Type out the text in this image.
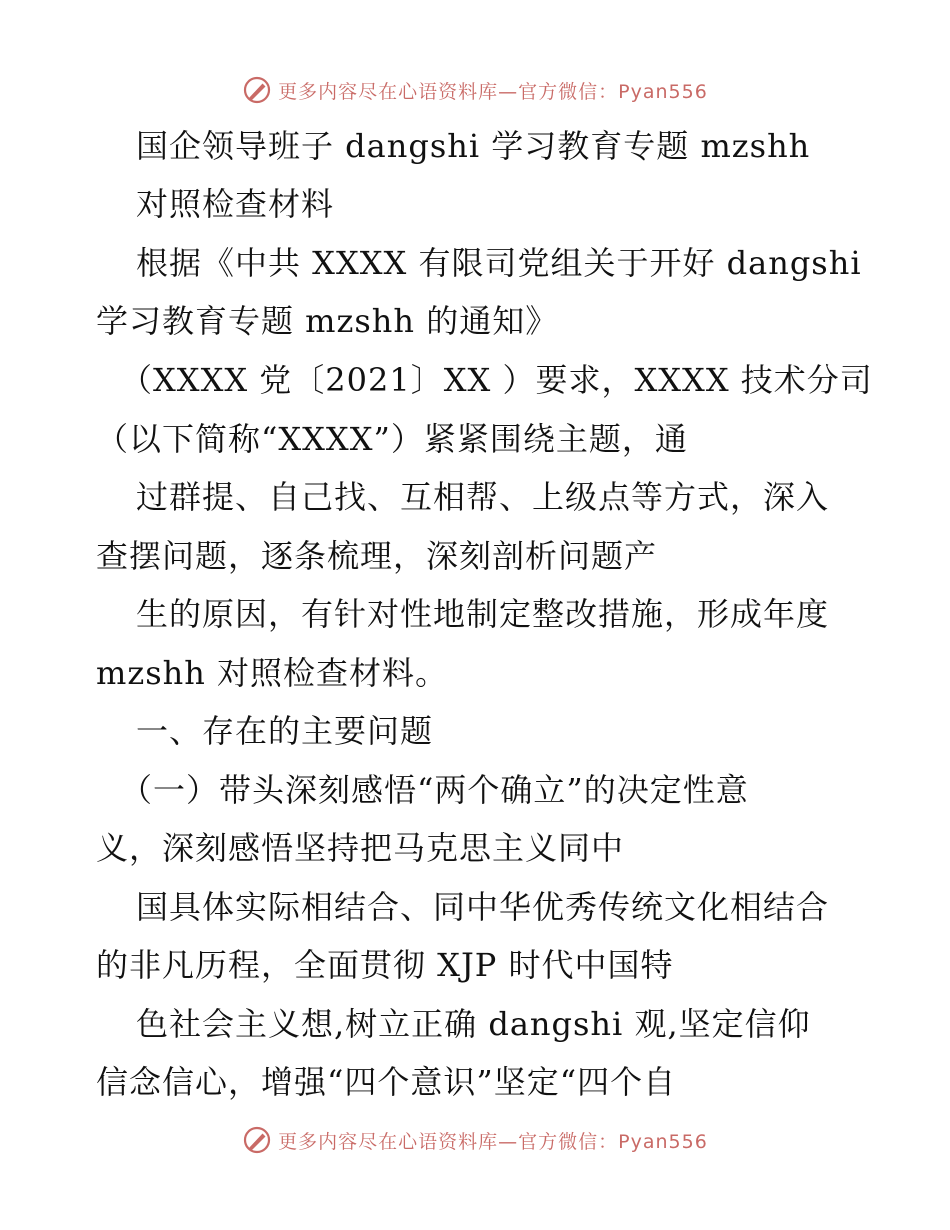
更多内容尽在心语资料库—官方微信：Pyan556
国企领导班子 dangshi 学习教育专题 mzshh
对照检查材料
根据《中共 XXXX 有限司党组关于开好 dangshi
学习教育专题 mzshh 的通知》
（XXXX 党〔2021〕XX ）要求，XXXX 技术分司
（以下简称“XXXX”）紧紧围绕主题，通
过群提、自己找、互相帮、上级点等方式，深入
查摆问题，逐条梳理，深刻剖析问题产
生的原因，有针对性地制定整改措施，形成年度
mzshh 对照检查材料。
一、存在的主要问题
（一）带头深刻感悟“两个确立”的决定性意
义，深刻感悟坚持把马克思主义同中
国具体实际相结合、同中华优秀传统文化相结合
的非凡历程，全面贯彻 XJP 时代中国特
色社会主义想,树立正确 dangshi 观,坚定信仰
信念信心，增强“四个意识”坚定“四个自
更多内容尽在心语资料库—官方微信：Pyan556
